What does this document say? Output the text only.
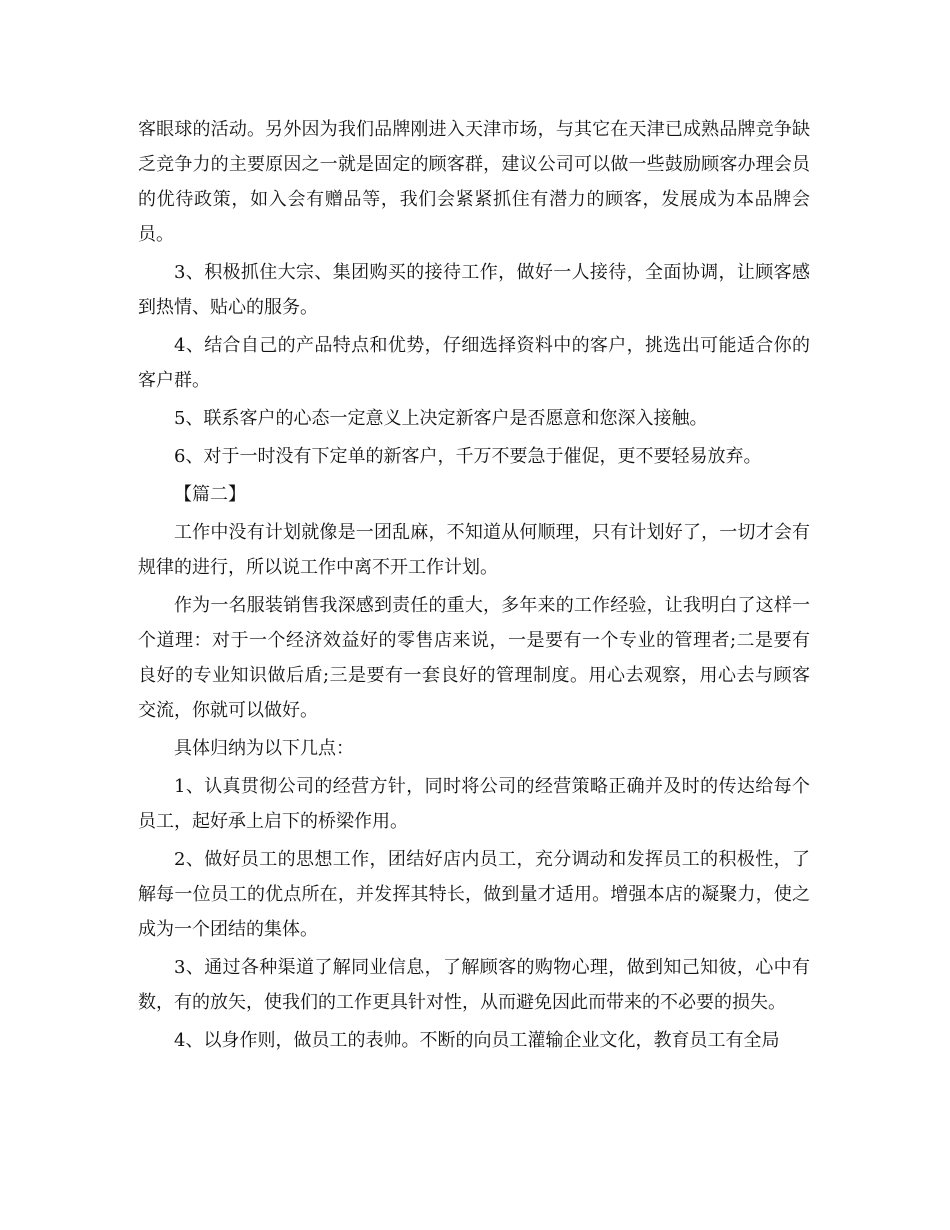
客眼球的活动。另外因为我们品牌刚进入天津市场，与其它在天津已成熟品牌竞争缺乏竞争力的主要原因之一就是固定的顾客群，建议公司可以做一些鼓励顾客办理会员的优待政策，如入会有赠品等，我们会紧紧抓住有潜力的顾客，发展成为本品牌会员。

3、积极抓住大宗、集团购买的接待工作，做好一人接待，全面协调，让顾客感到热情、贴心的服务。

4、结合自己的产品特点和优势，仔细选择资料中的客户，挑选出可能适合你的客户群。

5、联系客户的心态一定意义上决定新客户是否愿意和您深入接触。

6、对于一时没有下定单的新客户，千万不要急于催促，更不要轻易放弃。

【篇二】

工作中没有计划就像是一团乱麻，不知道从何顺理，只有计划好了，一切才会有规律的进行，所以说工作中离不开工作计划。

作为一名服装销售我深感到责任的重大，多年来的工作经验，让我明白了这样一个道理：对于一个经济效益好的零售店来说，一是要有一个专业的管理者;二是要有良好的专业知识做后盾;三是要有一套良好的管理制度。用心去观察，用心去与顾客交流，你就可以做好。

具体归纳为以下几点：

1、认真贯彻公司的经营方针，同时将公司的经营策略正确并及时的传达给每个员工，起好承上启下的桥梁作用。

2、做好员工的思想工作，团结好店内员工，充分调动和发挥员工的积极性，了解每一位员工的优点所在，并发挥其特长，做到量才适用。增强本店的凝聚力，使之成为一个团结的集体。

3、通过各种渠道了解同业信息，了解顾客的购物心理，做到知己知彼，心中有数，有的放矢，使我们的工作更具针对性，从而避免因此而带来的不必要的损失。

4、以身作则，做员工的表帅。不断的向员工灌输企业文化，教育员工有全局
